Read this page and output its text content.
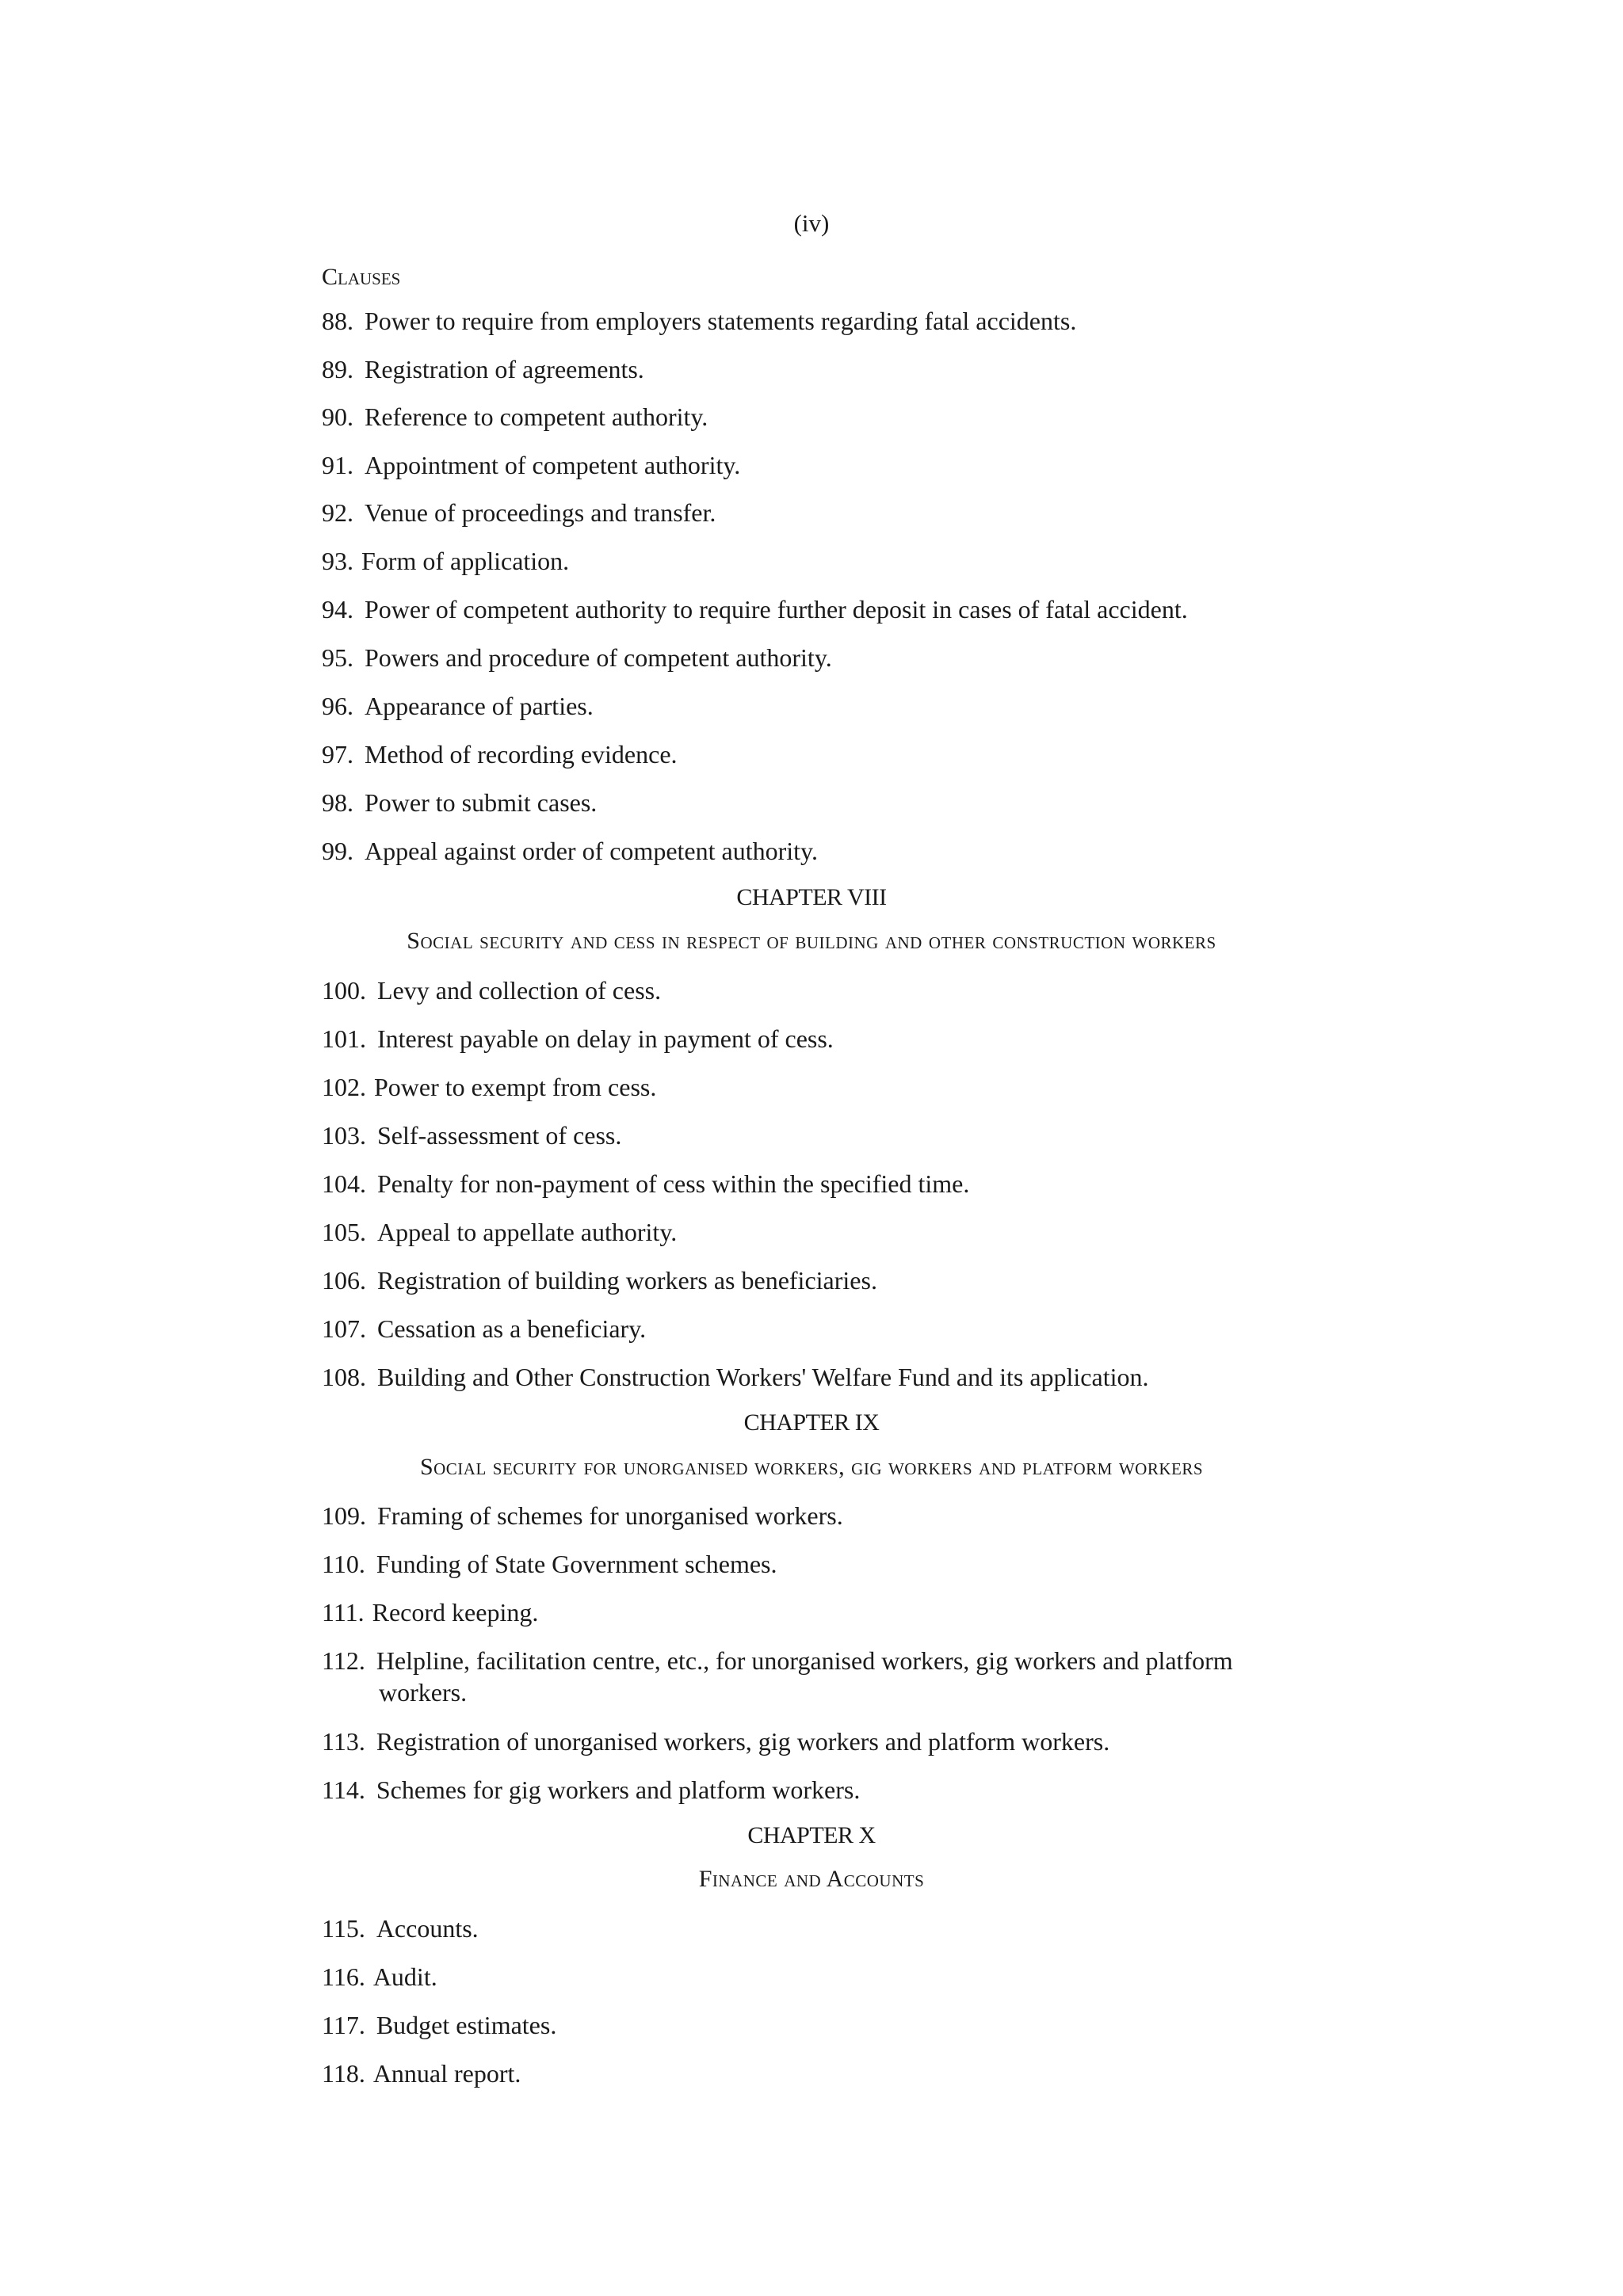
(iv)
Clauses
88. Power to require from employers statements regarding fatal accidents.
89. Registration of agreements.
90. Reference to competent authority.
91. Appointment of competent authority.
92. Venue of proceedings and transfer.
93. Form of application.
94. Power of competent authority to require further deposit in cases of fatal accident.
95. Powers and procedure of competent authority.
96. Appearance of parties.
97. Method of recording evidence.
98. Power to submit cases.
99. Appeal against order of competent authority.
CHAPTER VIII
Social security and cess in respect of building and other construction workers
100. Levy and collection of cess.
101. Interest payable on delay in payment of cess.
102. Power to exempt from cess.
103. Self-assessment of cess.
104. Penalty for non-payment of cess within the specified time.
105. Appeal to appellate authority.
106. Registration of building workers as beneficiaries.
107. Cessation as a beneficiary.
108. Building and Other Construction Workers' Welfare Fund and its application.
CHAPTER IX
Social security for unorganised workers, gig workers and platform workers
109. Framing of schemes for unorganised workers.
110. Funding of State Government schemes.
111. Record keeping.
112. Helpline, facilitation centre, etc., for unorganised workers, gig workers and platform
workers.
113. Registration of unorganised workers, gig workers and platform workers.
114. Schemes for gig workers and platform workers.
CHAPTER X
Finance and Accounts
115. Accounts.
116. Audit.
117. Budget estimates.
118. Annual report.
